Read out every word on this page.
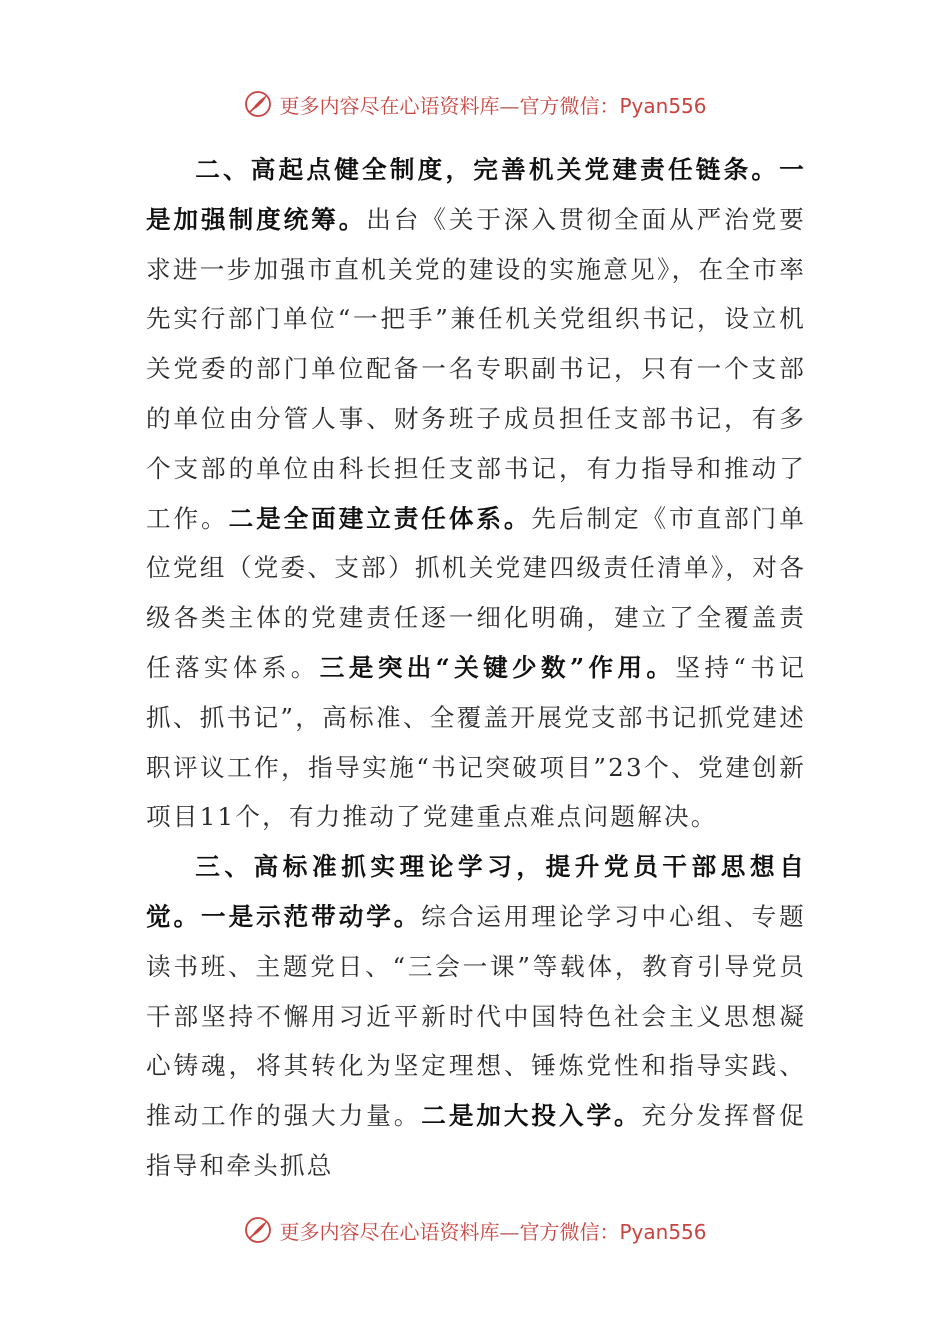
更多内容尽在心语资料库—官方微信：Pyan556

二、高起点健全制度，完善机关党建责任链条。一是加强制度统筹。出台《关于深入贯彻全面从严治党要求进一步加强市直机关党的建设的实施意见》，在全市率先实行部门单位“一把手”兼任机关党组织书记，设立机关党委的部门单位配备一名专职副书记，只有一个支部的单位由分管人事、财务班子成员担任支部书记，有多个支部的单位由科长担任支部书记，有力指导和推动了工作。二是全面建立责任体系。先后制定《市直部门单位党组（党委、支部）抓机关党建四级责任清单》，对各级各类主体的党建责任逐一细化明确，建立了全覆盖责任落实体系。三是突出“关键少数”作用。坚持“书记抓、抓书记”，高标准、全覆盖开展党支部书记抓党建述职评议工作，指导实施“书记突破项目”23个、党建创新项目11个，有力推动了党建重点难点问题解决。

三、高标准抓实理论学习，提升党员干部思想自觉。一是示范带动学。综合运用理论学习中心组、专题读书班、主题党日、“三会一课”等载体，教育引导党员干部坚持不懈用习近平新时代中国特色社会主义思想凝心铸魂，将其转化为坚定理想、锤炼党性和指导实践、推动工作的强大力量。二是加大投入学。充分发挥督促指导和牵头抓总

更多内容尽在心语资料库—官方微信：Pyan556
